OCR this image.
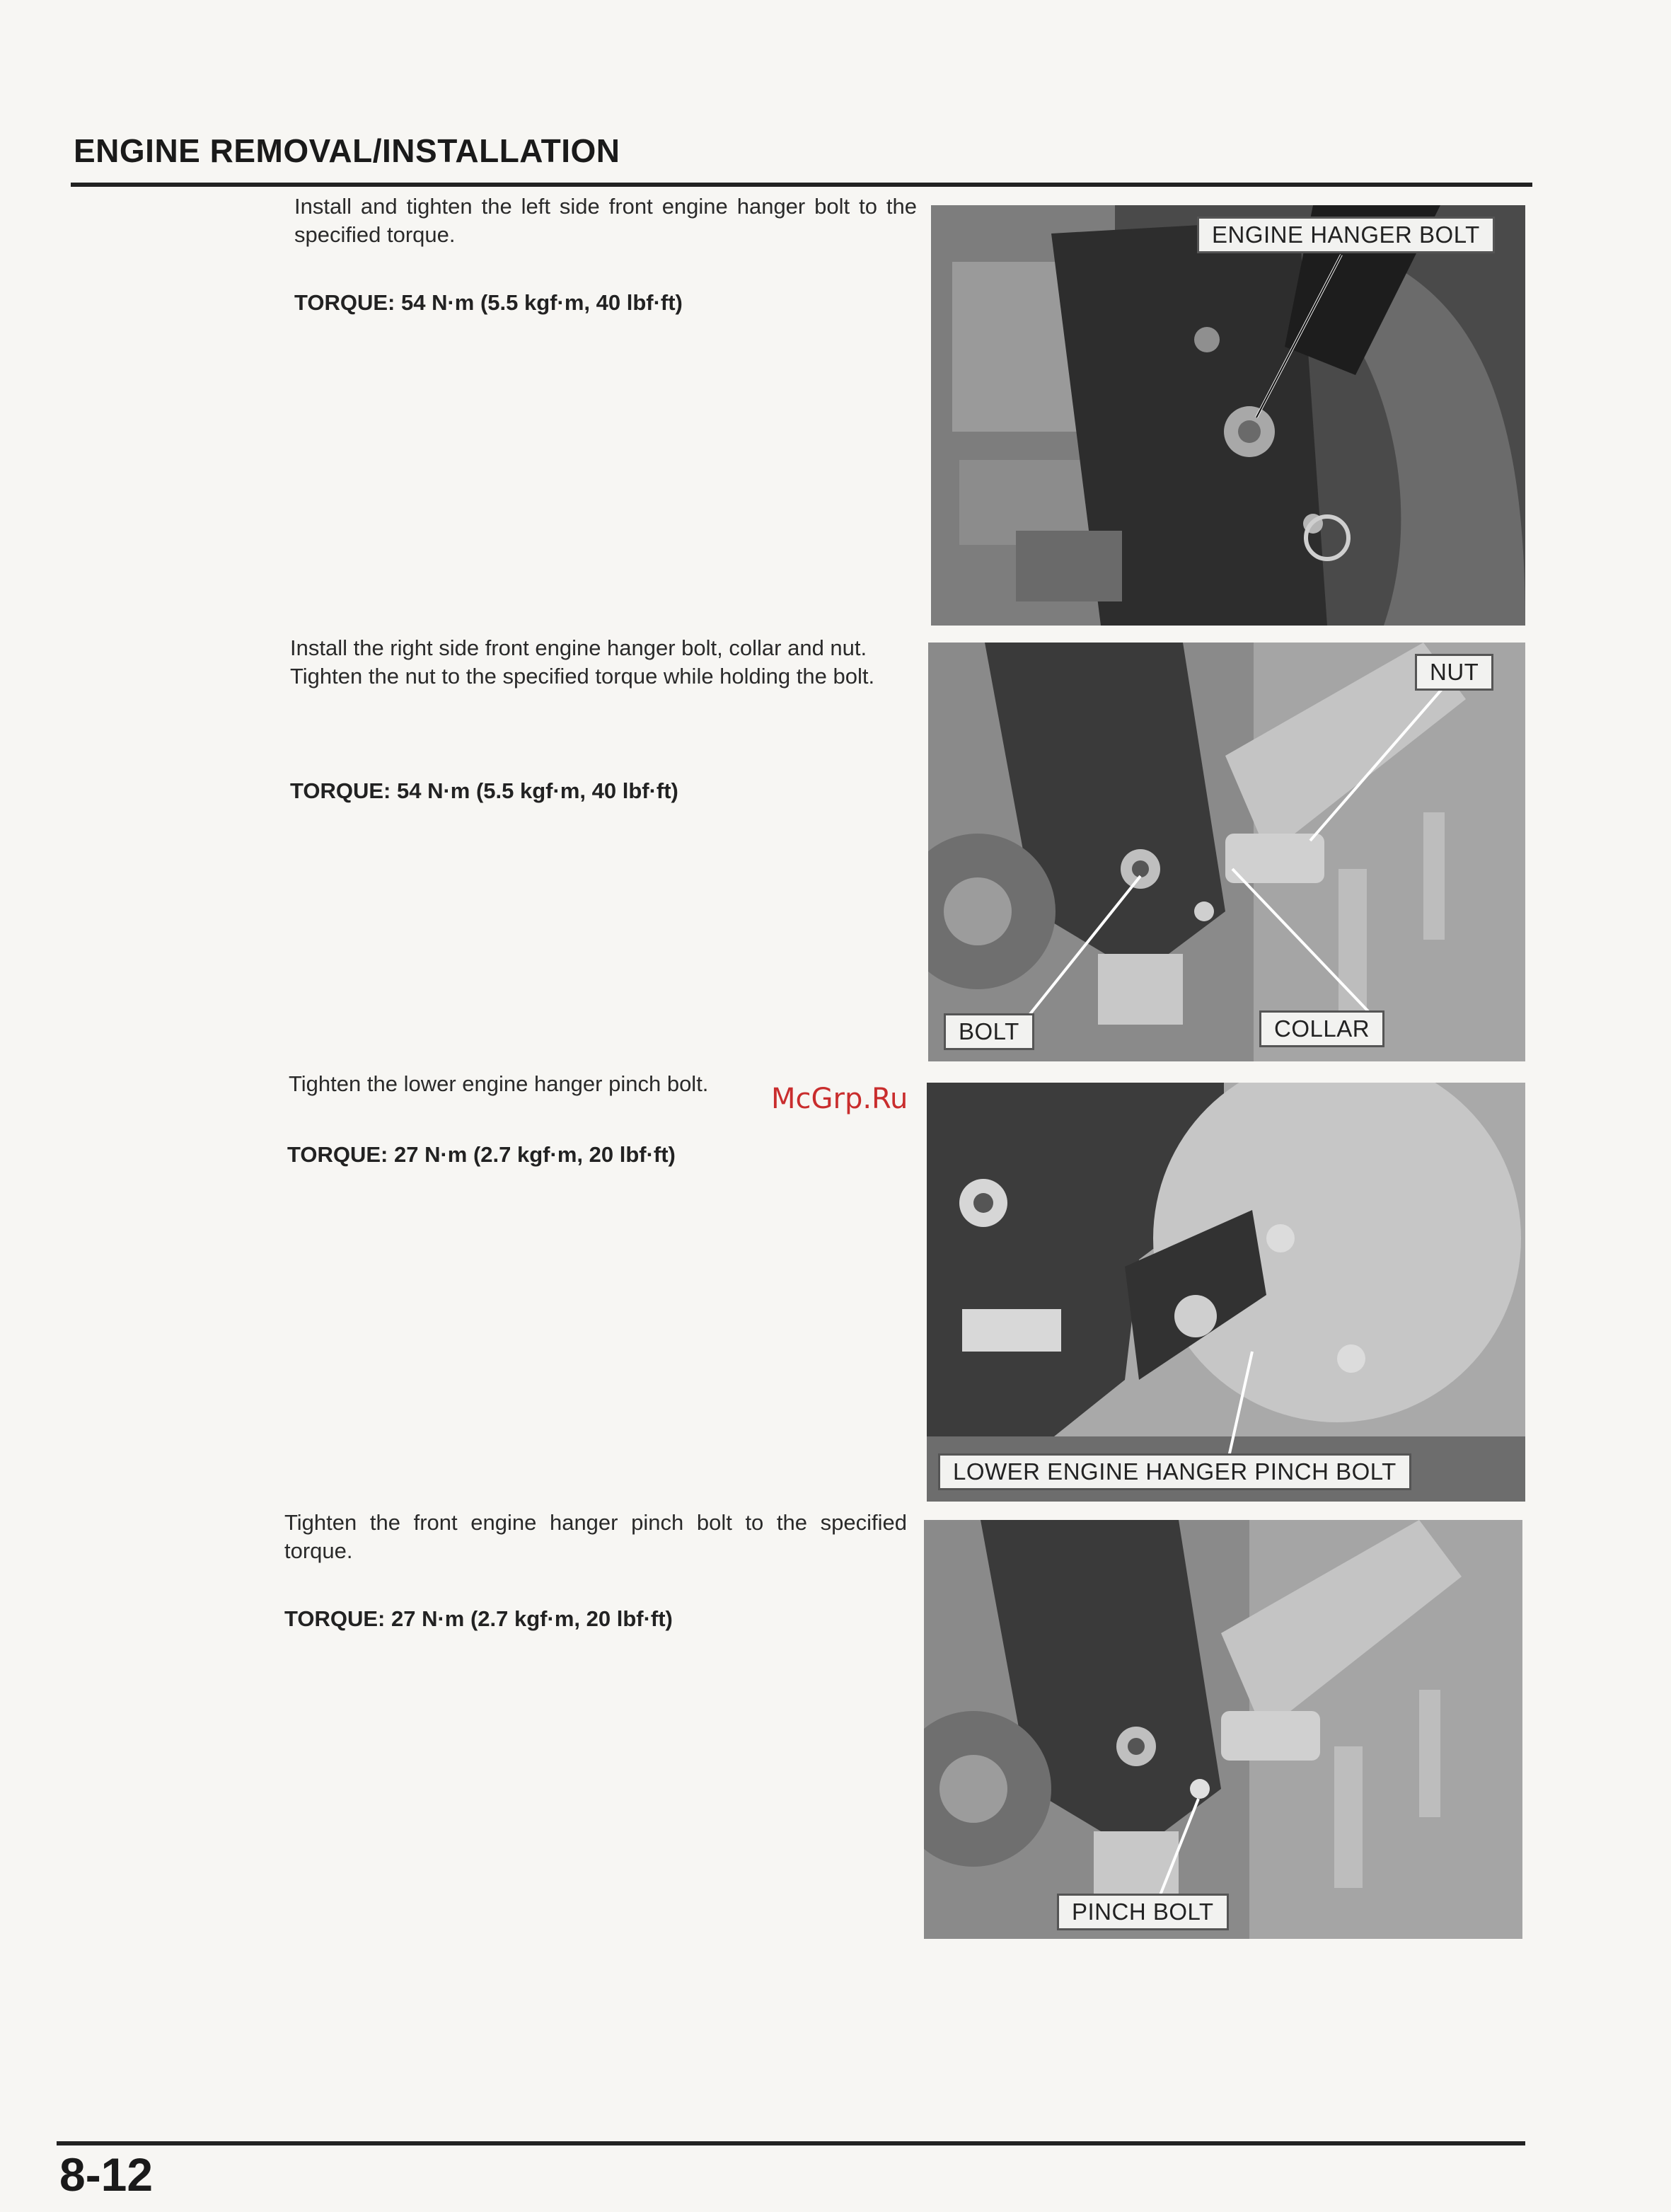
ENGINE REMOVAL/INSTALLATION

Install and tighten the left side front engine hanger bolt to the specified torque.

TORQUE: 54 N·m (5.5 kgf·m, 40 lbf·ft)
ENGINE HANGER BOLT

Install the right side front engine hanger bolt, collar and nut.

Tighten the nut to the specified torque while holding the bolt.

TORQUE: 54 N·m (5.5 kgf·m, 40 lbf·ft)
NUT
BOLT	COLLAR

Tighten the lower engine hanger pinch bolt.

TORQUE: 27 N·m (2.7 kgf·m, 20 lbf·ft)
McGrp.Ru
LOWER ENGINE HANGER PINCH BOLT

Tighten the front engine hanger pinch bolt to the specified torque.

TORQUE: 27 N·m (2.7 kgf·m, 20 lbf·ft)
PINCH BOLT
8-12
